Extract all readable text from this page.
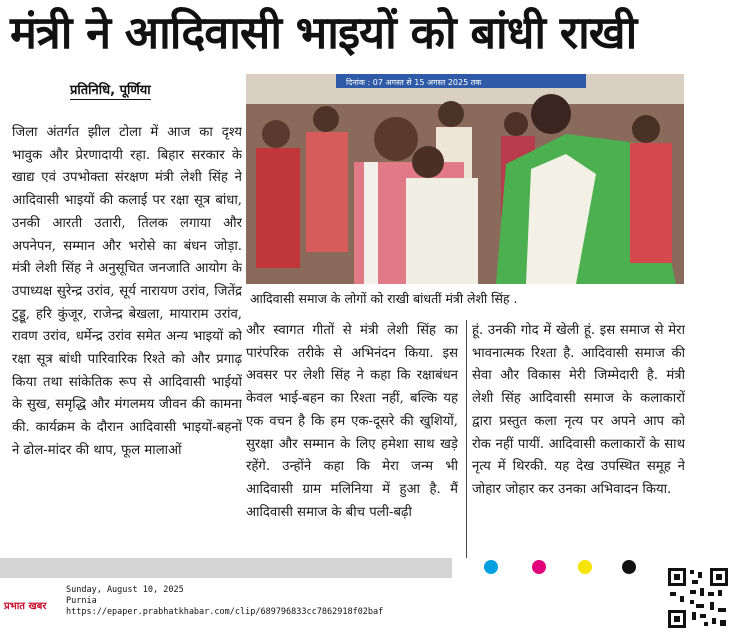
मंत्री ने आदिवासी भाइयों को बांधी राखी
प्रतिनिधि, पूर्णिया
जिला अंतर्गत झील टोला में आज का दृश्य भावुक और प्रेरणादायी रहा. बिहार सरकार के खाद्य एवं उपभोक्ता संरक्षण मंत्री लेशी सिंह ने आदिवासी भाइयों की कलाई पर रक्षा सूत्र बांधा, उनकी आरती उतारी, तिलक लगाया और अपनेपन, सम्मान और भरोसे का बंधन जोड़ा. मंत्री लेशी सिंह ने अनुसूचित जनजाति आयोग के उपाध्यक्ष सुरेन्द्र उरांव, सूर्य नारायण उरांव, जितेंद्र टुड्डू, हरि कुंजूर, राजेन्द्र बेखला, मायाराम उरांव, रावण उरांव, धर्मेन्द्र उरांव समेत अन्य भाइयों को रक्षा सूत्र बांधी पारिवारिक रिश्ते को और प्रगाढ़ किया तथा सांकेतिक रूप से आदिवासी भाईयों के सुख, समृद्धि और मंगलमय जीवन की कामना की. कार्यक्रम के दौरान आदिवासी भाइयों-बहनों ने ढोल-मांदर की थाप, फूल मालाओं
दिनांक : 07 अगस्त से 15 अगस्त 2025 तक
आदिवासी समाज के लोगों को राखी बांधतीं मंत्री लेशी सिंह .
और स्वागत गीतों से मंत्री लेशी सिंह का पारंपरिक तरीके से अभिनंदन किया. इस अवसर पर लेशी सिंह ने कहा कि रक्षाबंधन केवल भाई-बहन का रिश्ता नहीं, बल्कि यह एक वचन है कि हम एक-दूसरे की खुशियों, सुरक्षा और सम्मान के लिए हमेशा साथ खड़े रहेंगे. उन्होंने कहा कि मेरा जन्म भी आदिवासी ग्राम मलिनिया में हुआ है. मैं आदिवासी समाज के बीच पली-बढ़ी
हूं. उनकी गोद में खेली हूं. इस समाज से मेरा भावनात्मक रिश्ता है. आदिवासी समाज की सेवा और विकास मेरी जिम्मेदारी है. मंत्री लेशी सिंह आदिवासी समाज के कलाकारों द्वारा प्रस्तुत कला नृत्य पर अपने आप को रोक नहीं पायीं. आदिवासी कलाकारों के साथ नृत्य में थिरकी. यह देख उपस्थित समूह ने जोहार जोहार कर उनका अभिवादन किया.
प्रभात खबर
Sunday, August 10, 2025
Purnia
https://epaper.prabhatkhabar.com/clip/689796833cc7862918f02baf
